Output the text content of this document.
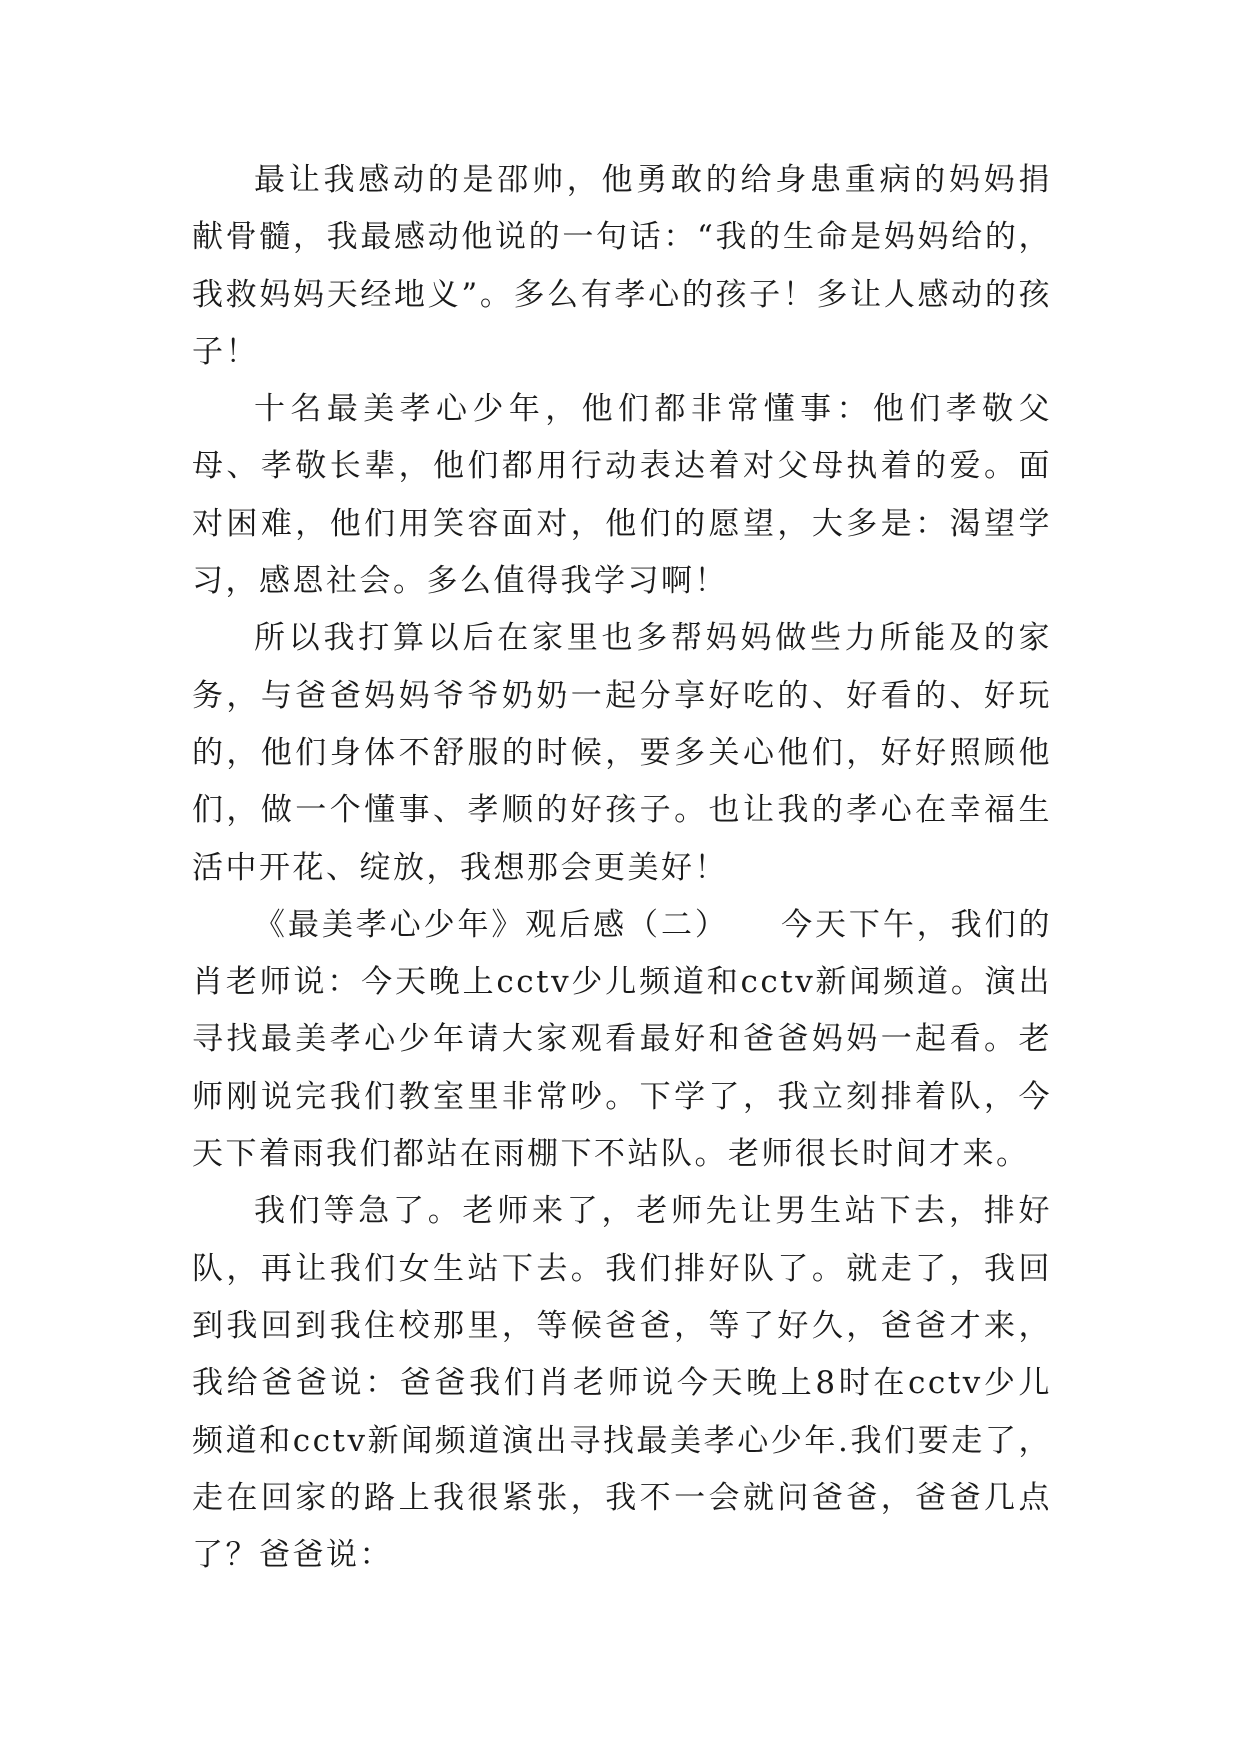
最让我感动的是邵帅，他勇敢的给身患重病的妈妈捐献骨髓，我最感动他说的一句话：“我的生命是妈妈给的，我救妈妈天经地义”。多么有孝心的孩子！多让人感动的孩子！

十名最美孝心少年，他们都非常懂事：他们孝敬父母、孝敬长辈，他们都用行动表达着对父母执着的爱。面对困难，他们用笑容面对，他们的愿望，大多是：渴望学习，感恩社会。多么值得我学习啊！

所以我打算以后在家里也多帮妈妈做些力所能及的家务，与爸爸妈妈爷爷奶奶一起分享好吃的、好看的、好玩的，他们身体不舒服的时候，要多关心他们，好好照顾他们，做一个懂事、孝顺的好孩子。也让我的孝心在幸福生活中开花、绽放，我想那会更美好！

《最美孝心少年》观后感（二）　　今天下午，我们的肖老师说：今天晚上cctv少儿频道和cctv新闻频道。演出寻找最美孝心少年请大家观看最好和爸爸妈妈一起看。老师刚说完我们教室里非常吵。下学了，我立刻排着队，今天下着雨我们都站在雨棚下不站队。老师很长时间才来。

我们等急了。老师来了，老师先让男生站下去，排好队，再让我们女生站下去。我们排好队了。就走了，我回到我回到我住校那里，等候爸爸，等了好久，爸爸才来，我给爸爸说：爸爸我们肖老师说今天晚上8时在cctv少儿频道和cctv新闻频道演出寻找最美孝心少年.我们要走了，走在回家的路上我很紧张，我不一会就问爸爸，爸爸几点了？爸爸说：
